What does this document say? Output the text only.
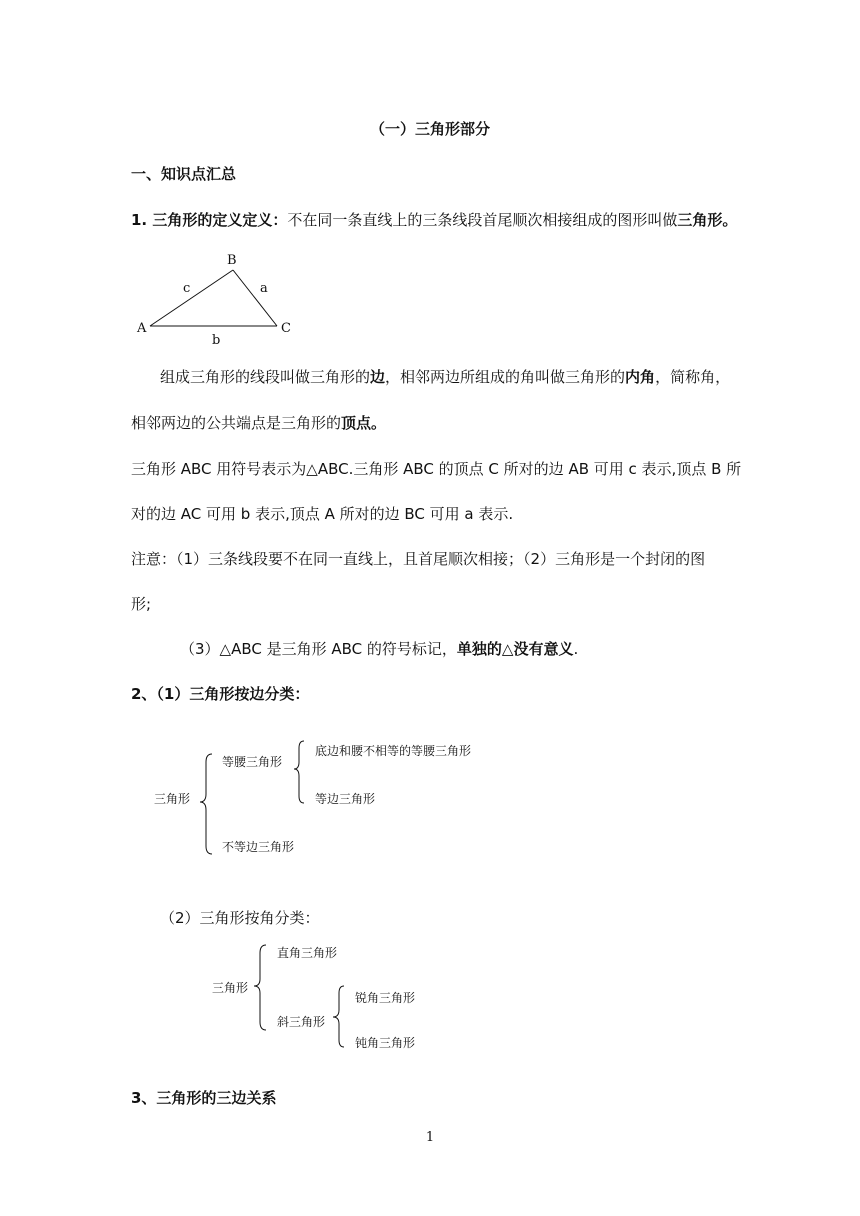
（一）三角形部分
一、知识点汇总
1. 三角形的定义定义：不在同一条直线上的三条线段首尾顺次相接组成的图形叫做三角形。
A
B
C
c	a
b
组成三角形的线段叫做三角形的边，相邻两边所组成的角叫做三角形的内角，简称角，
相邻两边的公共端点是三角形的顶点。
三角形 ABC 用符号表示为△ABC.三角形 ABC 的顶点 C 所对的边 AB 可用 c 表示,顶点 B 所
对的边 AC 可用 b 表示,顶点 A 所对的边 BC 可用 a 表示.
注意：（1）三条线段要不在同一直线上，且首尾顺次相接；（2）三角形是一个封闭的图
形;
（3）△ABC 是三角形 ABC 的符号标记，单独的△没有意义.
2、（1）三角形按边分类：
三角形
等腰三角形
底边和腰不相等的等腰三角形
等边三角形
不等边三角形
（2）三角形按角分类：
三角形
直角三角形
斜三角形
锐角三角形
钝角三角形
3、三角形的三边关系
1
